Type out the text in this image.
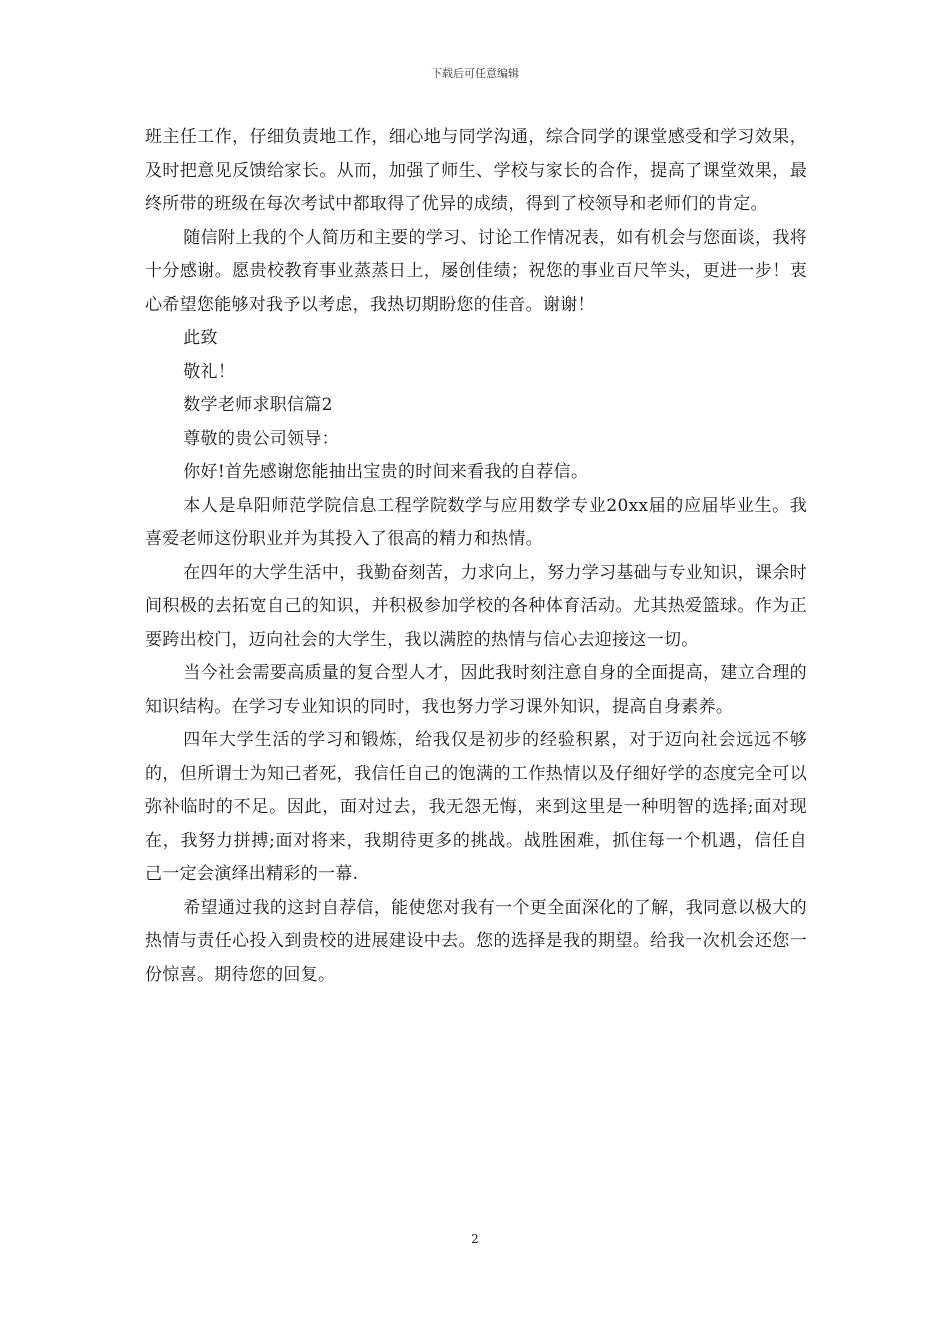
下载后可任意编辑

班主任工作，仔细负责地工作，细心地与同学沟通，综合同学的课堂感受和学习效果，及时把意见反馈给家长。从而，加强了师生、学校与家长的合作，提高了课堂效果，最终所带的班级在每次考试中都取得了优异的成绩，得到了校领导和老师们的肯定。

随信附上我的个人简历和主要的学习、讨论工作情况表，如有机会与您面谈，我将十分感谢。愿贵校教育事业蒸蒸日上，屡创佳绩；祝您的事业百尺竿头，更进一步！衷心希望您能够对我予以考虑，我热切期盼您的佳音。谢谢！

此致

敬礼！

数学老师求职信篇2

尊敬的贵公司领导：

你好!首先感谢您能抽出宝贵的时间来看我的自荐信。

本人是阜阳师范学院信息工程学院数学与应用数学专业20xx届的应届毕业生。我喜爱老师这份职业并为其投入了很高的精力和热情。

在四年的大学生活中，我勤奋刻苦，力求向上，努力学习基础与专业知识，课余时间积极的去拓宽自己的知识，并积极参加学校的各种体育活动。尤其热爱篮球。作为正要跨出校门，迈向社会的大学生，我以满腔的热情与信心去迎接这一切。

当今社会需要高质量的复合型人才，因此我时刻注意自身的全面提高，建立合理的知识结构。在学习专业知识的同时，我也努力学习课外知识，提高自身素养。

四年大学生活的学习和锻炼，给我仅是初步的经验积累，对于迈向社会远远不够的，但所谓士为知己者死，我信任自己的饱满的工作热情以及仔细好学的态度完全可以弥补临时的不足。因此，面对过去，我无怨无悔，来到这里是一种明智的选择;面对现在，我努力拼搏;面对将来，我期待更多的挑战。战胜困难，抓住每一个机遇，信任自己一定会演绎出精彩的一幕.

希望通过我的这封自荐信，能使您对我有一个更全面深化的了解，我同意以极大的热情与责任心投入到贵校的进展建设中去。您的选择是我的期望。给我一次机会还您一份惊喜。期待您的回复。

2
